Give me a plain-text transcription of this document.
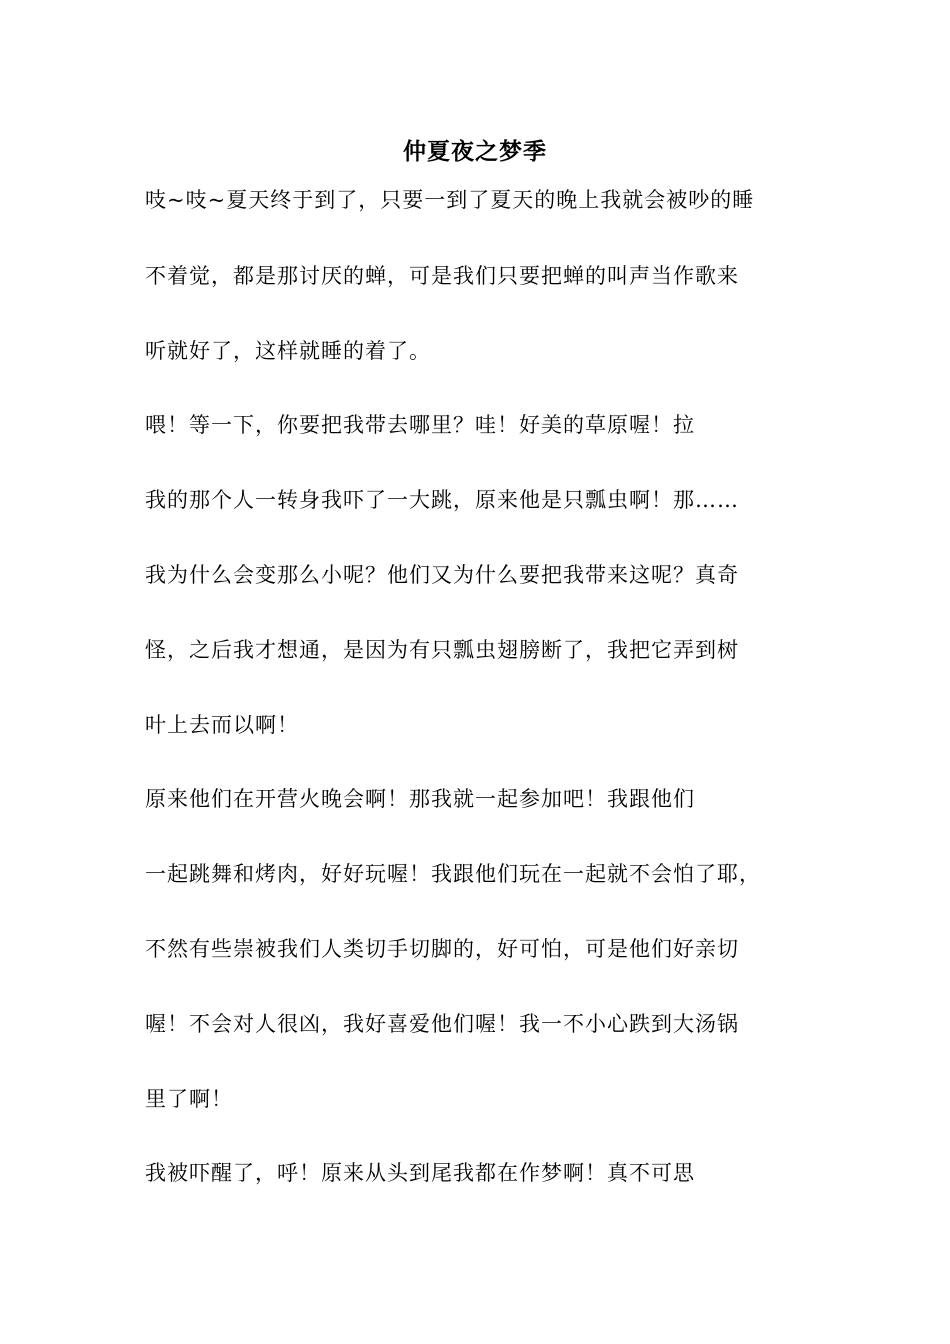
仲夏夜之梦季
吱~吱~夏天终于到了，只要一到了夏天的晚上我就会被吵的睡
不着觉，都是那讨厌的蝉，可是我们只要把蝉的叫声当作歌来
听就好了，这样就睡的着了。
喂！等一下，你要把我带去哪里？哇！好美的草原喔！拉
我的那个人一转身我吓了一大跳，原来他是只瓢虫啊！那……
我为什么会变那么小呢？他们又为什么要把我带来这呢？真奇
怪，之后我才想通，是因为有只瓢虫翅膀断了，我把它弄到树
叶上去而以啊！
原来他们在开营火晚会啊！那我就一起参加吧！我跟他们
一起跳舞和烤肉，好好玩喔！我跟他们玩在一起就不会怕了耶，
不然有些崇被我们人类切手切脚的，好可怕，可是他们好亲切
喔！不会对人很凶，我好喜爱他们喔！我一不小心跌到大汤锅
里了啊！
我被吓醒了，呼！原来从头到尾我都在作梦啊！真不可思
